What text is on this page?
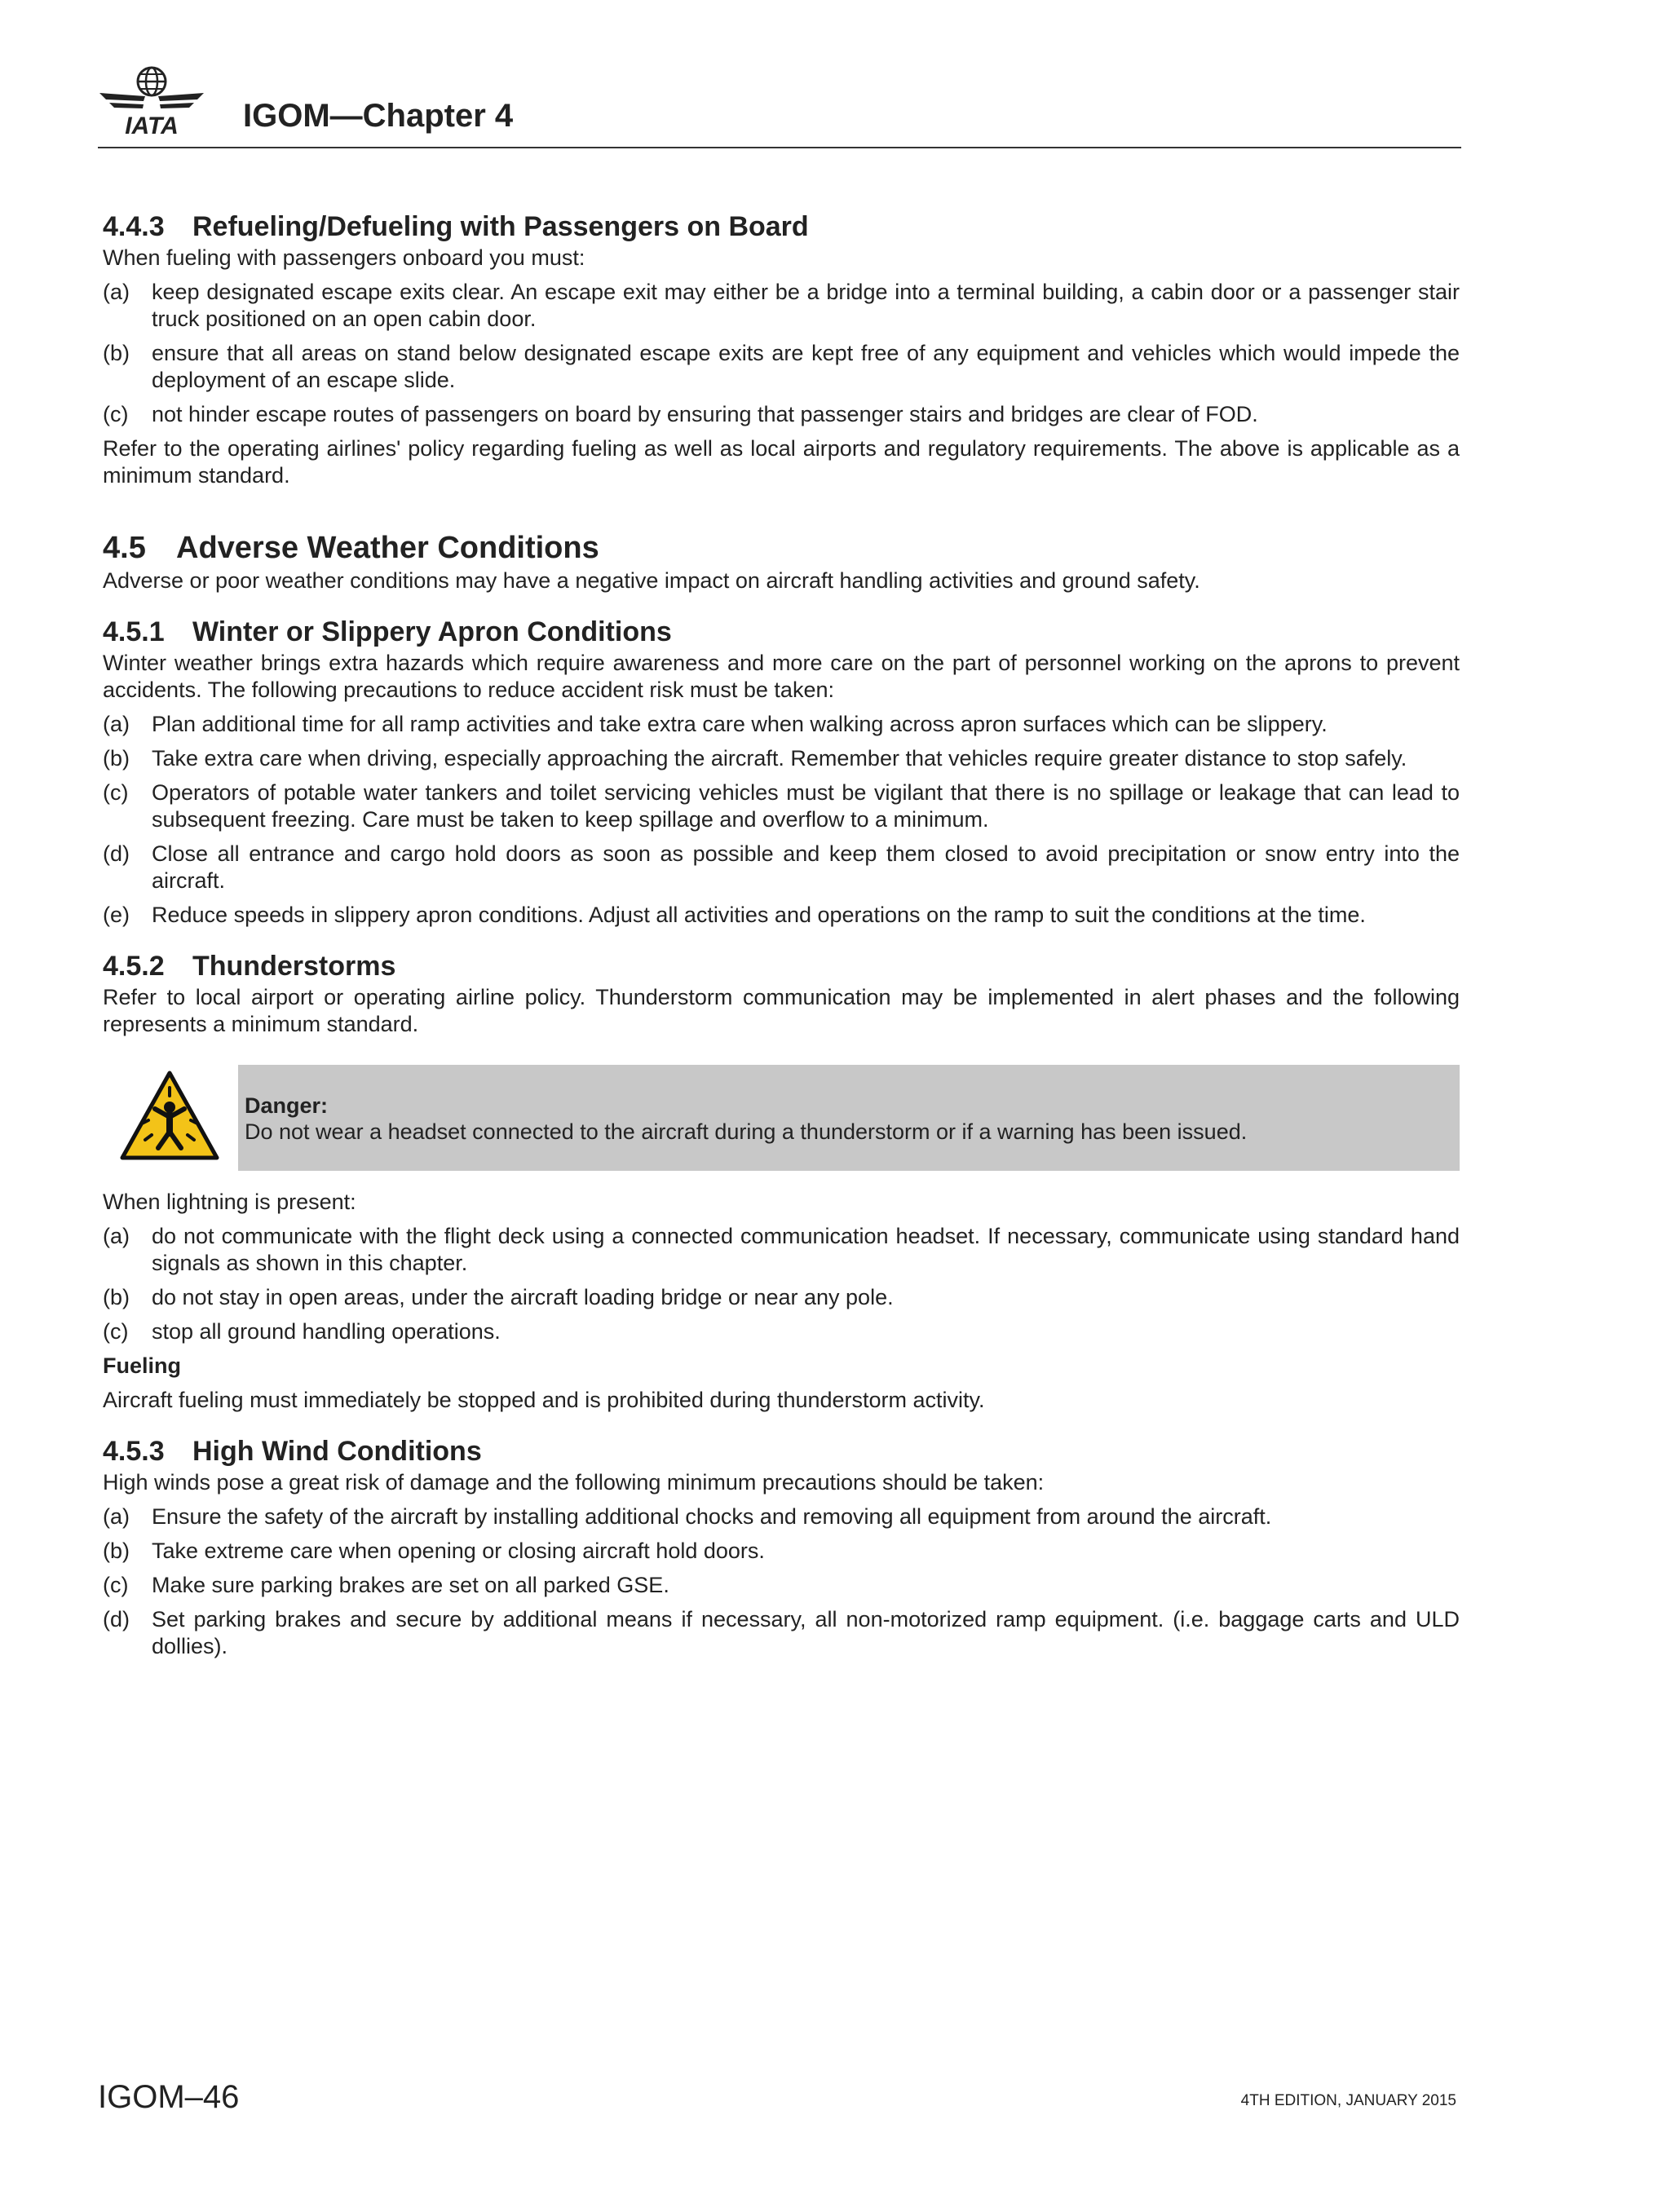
IATA IGOM—Chapter 4
4.4.3 Refueling/Defueling with Passengers on Board

When fueling with passengers onboard you must:

(a) keep designated escape exits clear. An escape exit may either be a bridge into a terminal building, a cabin door or a passenger stair truck positioned on an open cabin door.
(b) ensure that all areas on stand below designated escape exits are kept free of any equipment and vehicles which would impede the deployment of an escape slide.
(c) not hinder escape routes of passengers on board by ensuring that passenger stairs and bridges are clear of FOD.

Refer to the operating airlines' policy regarding fueling as well as local airports and regulatory requirements. The above is applicable as a minimum standard.

4.5 Adverse Weather Conditions

Adverse or poor weather conditions may have a negative impact on aircraft handling activities and ground safety.

4.5.1 Winter or Slippery Apron Conditions

Winter weather brings extra hazards which require awareness and more care on the part of personnel working on the aprons to prevent accidents. The following precautions to reduce accident risk must be taken:

(a) Plan additional time for all ramp activities and take extra care when walking across apron surfaces which can be slippery.
(b) Take extra care when driving, especially approaching the aircraft. Remember that vehicles require greater distance to stop safely.
(c) Operators of potable water tankers and toilet servicing vehicles must be vigilant that there is no spillage or leakage that can lead to subsequent freezing. Care must be taken to keep spillage and overflow to a minimum.
(d) Close all entrance and cargo hold doors as soon as possible and keep them closed to avoid precipitation or snow entry into the aircraft.
(e) Reduce speeds in slippery apron conditions. Adjust all activities and operations on the ramp to suit the conditions at the time.
4.5.2 Thunderstorms

Refer to local airport or operating airline policy. Thunderstorm communication may be implemented in alert phases and the following represents a minimum standard.

Danger:
Do not wear a headset connected to the aircraft during a thunderstorm or if a warning has been issued.

When lightning is present:

(a) do not communicate with the flight deck using a connected communication headset. If necessary, communicate using standard hand signals as shown in this chapter.
(b) do not stay in open areas, under the aircraft loading bridge or near any pole.
(c) stop all ground handling operations.
Fueling

Aircraft fueling must immediately be stopped and is prohibited during thunderstorm activity.

4.5.3 High Wind Conditions

High winds pose a great risk of damage and the following minimum precautions should be taken:

(a) Ensure the safety of the aircraft by installing additional chocks and removing all equipment from around the aircraft.
(b) Take extreme care when opening or closing aircraft hold doors.
(c) Make sure parking brakes are set on all parked GSE.
(d) Set parking brakes and secure by additional means if necessary, all non-motorized ramp equipment. (i.e. baggage carts and ULD dollies).
IGOM–46	4TH EDITION, JANUARY 2015
